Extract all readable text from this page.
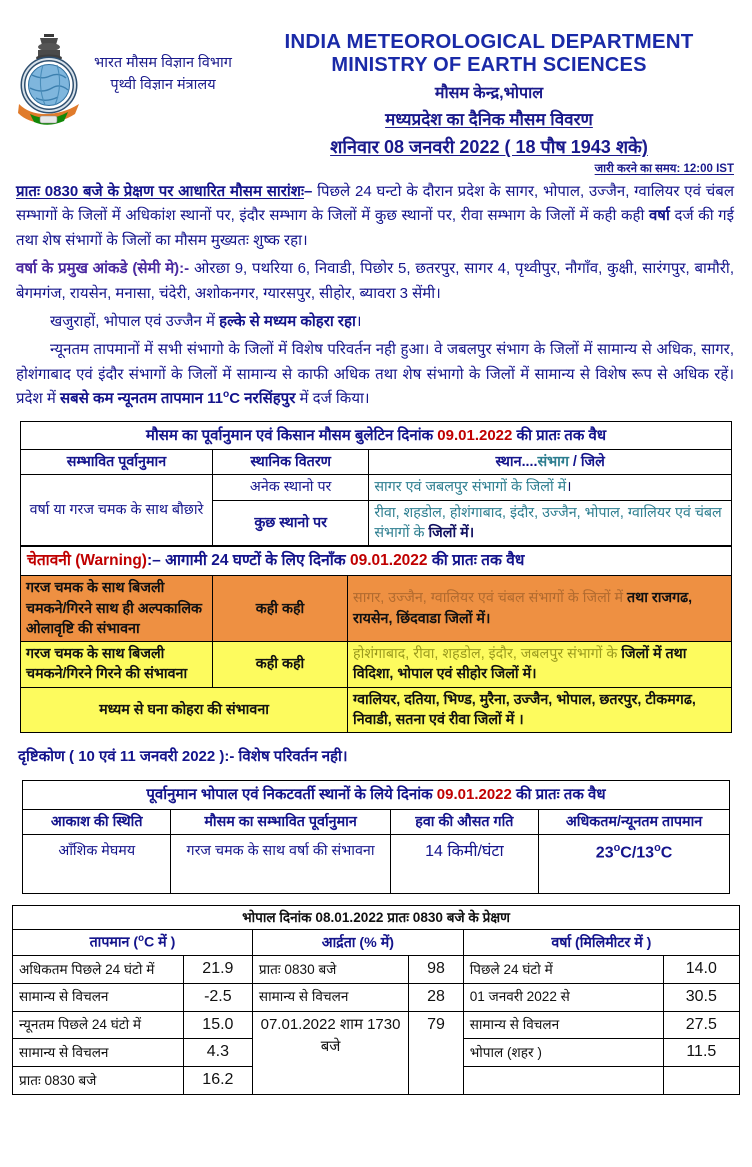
भारत मौसम विज्ञान विभाग
पृथ्वी विज्ञान मंत्रालय
INDIA METEOROLOGICAL DEPARTMENT
MINISTRY OF EARTH SCIENCES
मौसम केन्द्र,भोपाल
मध्यप्रदेश का दैनिक मौसम विवरण
शनिवार 08 जनवरी 2022 ( 18 पौष 1943 शके)
जारी करने का समय: 12:00 IST

प्रातः 0830 बजे के प्रेक्षण पर आधारित मौसम सारांशः– पिछले 24 घन्टो के दौरान प्रदेश के सागर, भोपाल, उज्जैन, ग्वालियर एवं चंबल सम्भागों के जिलों में अधिकांश स्थानों पर, इंदौर सम्भाग के जिलों में कुछ स्थानों पर, रीवा सम्भाग के जिलों में कही कही वर्षा दर्ज की गई तथा शेष संभागों के जिलों का मौसम मुख्यतः शुष्क रहा।

वर्षा के प्रमुख आंकडे (सेमी मे):- ओरछा 9, पथरिया 6, निवाडी, पिछोर 5, छतरपुर, सागर 4, पृथ्वीपुर, नौगॉंव, कुक्षी, सारंगपुर, बामौरी, बेगमगंज, रायसेन, मनासा, चंदेरी, अशोकनगर, ग्यारसपुर, सीहोर, ब्यावरा 3 सेंमी।

खजुराहों, भोपाल एवं उज्जैन में हल्के से मध्यम कोहरा रहा।

न्यूनतम तापमानों में सभी संभागो के जिलों में विशेष परिवर्तन नही हुआ। वे जबलपुर संभाग के जिलों में सामान्य से अधिक, सागर, होशंगाबाद एवं इंदौर संभागों के जिलों में सामान्य से काफी अधिक तथा शेष संभागो के जिलों में सामान्य से विशेष रूप से अधिक रहें। प्रदेश में सबसे कम न्यूनतम तापमान 11$^o$C नरसिंहपुर में दर्ज किया।

मौसम का पूर्वानुमान एवं किसान मौसम बुलेटिन दिनांक 09.01.2022 की प्रातः तक वैध		
सम्भावित पूर्वानुमान	स्थानिक वितरण	स्थान....संभाग / जिले
वर्षा या गरज चमक के साथ बौछारे	अनेक स्थानो पर	सागर एवं जबलपुर संभागों के जिलों में।
	कुछ स्थानो पर	रीवा, शहडोल, होशंगाबाद, इंदौर, उज्जैन, भोपाल, ग्वालियर एवं चंबल संभागों के जिलों में।
चेतावनी (Warning):– आगामी 24 घण्टों के लिए दिनॉंक 09.01.2022 की प्रातः तक वैध		
गरज चमक के साथ बिजली चमकने/गिरने साथ ही अल्पकालिक ओलावृष्टि की संभावना	कही कही	सागर, उज्जैन, ग्वालियर एवं चंबल संभागों के जिलों में तथा राजगढ, रायसेन, छिंदवाडा जिलों में।
गरज चमक के साथ बिजली चमकने/गिरने गिरने की संभावना	कही कही	होशंगाबाद, रीवा, शहडोल, इंदौर, जबलपुर संभागों के जिलों में तथा विदिशा, भोपाल एवं सीहोर जिलों में।
मध्यम से घना कोहरा की संभावना		ग्वालियर, दतिया, भिण्ड, मुरैना, उज्जैन, भोपाल, छतरपुर, टीकमगढ, निवाडी, सतना एवं रीवा जिलों में ।
दृष्टिकोण ( 10 एवं 11 जनवरी 2022 ):- विशेष परिवर्तन नही।
पूर्वानुमान भोपाल एवं निकटवर्ती स्थानों के लिये दिनांक 09.01.2022 की प्रातः तक वैध			
आकाश की स्थिति	मौसम का सम्भावित पूर्वानुमान	हवा की औसत गति	अधिकतम/न्यूनतम तापमान
ऑंशिक मेघमय	गरज चमक के साथ वर्षा की संभावना	14 किमी/घंटा	23$^o$C/13$^o$C
भोपाल दिनांक 08.01.2022 प्रातः 0830 बजे के प्रेक्षण					
तापमान ($^o$C में )		आर्द्रता (% में)		वर्षा (मिलिमीटर में )	
अधिकतम पिछले 24 घंटो में	21.9	प्रातः 0830 बजे	98	पिछले 24 घंटो में	14.0
सामान्य से विचलन	-2.5	सामान्य से विचलन	28	01 जनवरी 2022 से	30.5
न्यूनतम पिछले 24 घंटो में	15.0	07.01.2022 शाम 1730 बजे	79	सामान्य से विचलन	27.5
सामान्य से विचलन	4.3			भोपाल (शहर )	11.5
प्रातः 0830 बजे	16.2				
